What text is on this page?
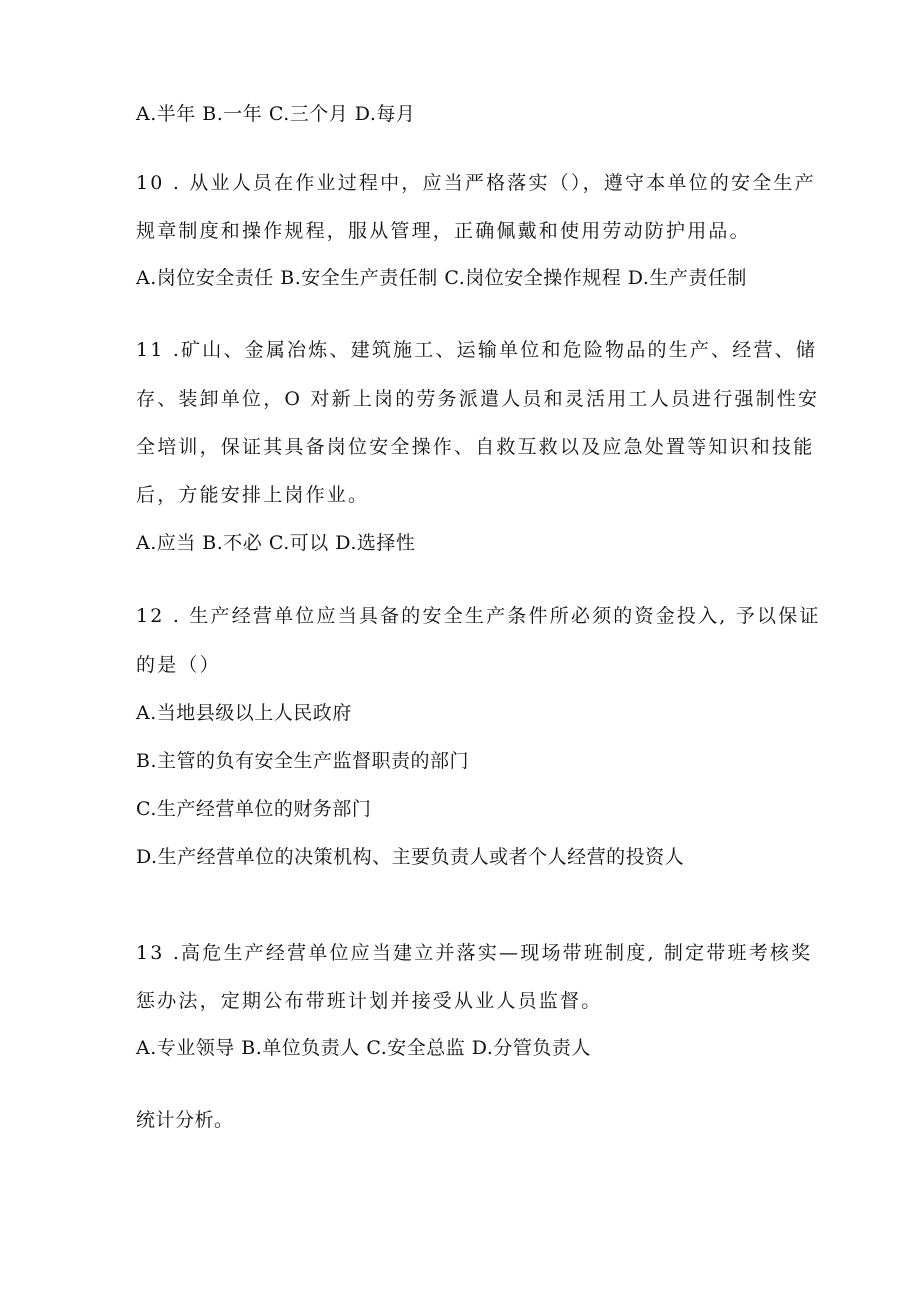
A.半年 B.一年 C.三个月 D.每月
10 . 从业人员在作业过程中，应当严格落实（），遵守本单位的安全生产
规章制度和操作规程，服从管理，正确佩戴和使用劳动防护用品。
A.岗位安全责任 B.安全生产责任制 C.岗位安全操作规程 D.生产责任制
11 .矿山、金属冶炼、建筑施工、运输单位和危险物品的生产、经营、储
存、装卸单位，O 对新上岗的劳务派遣人员和灵活用工人员进行强制性安
全培训，保证其具备岗位安全操作、自救互救以及应急处置等知识和技能
后，方能安排上岗作业。
A.应当 B.不必 C.可以 D.选择性
12 . 生产经营单位应当具备的安全生产条件所必须的资金投入, 予以保证
的是（）
A.当地县级以上人民政府
B.主管的负有安全生产监督职责的部门
C.生产经营单位的财务部门
D.生产经营单位的决策机构、主要负责人或者个人经营的投资人
13 .高危生产经营单位应当建立并落实—现场带班制度, 制定带班考核奖
惩办法，定期公布带班计划并接受从业人员监督。
A.专业领导 B.单位负责人 C.安全总监 D.分管负责人
统计分析。
